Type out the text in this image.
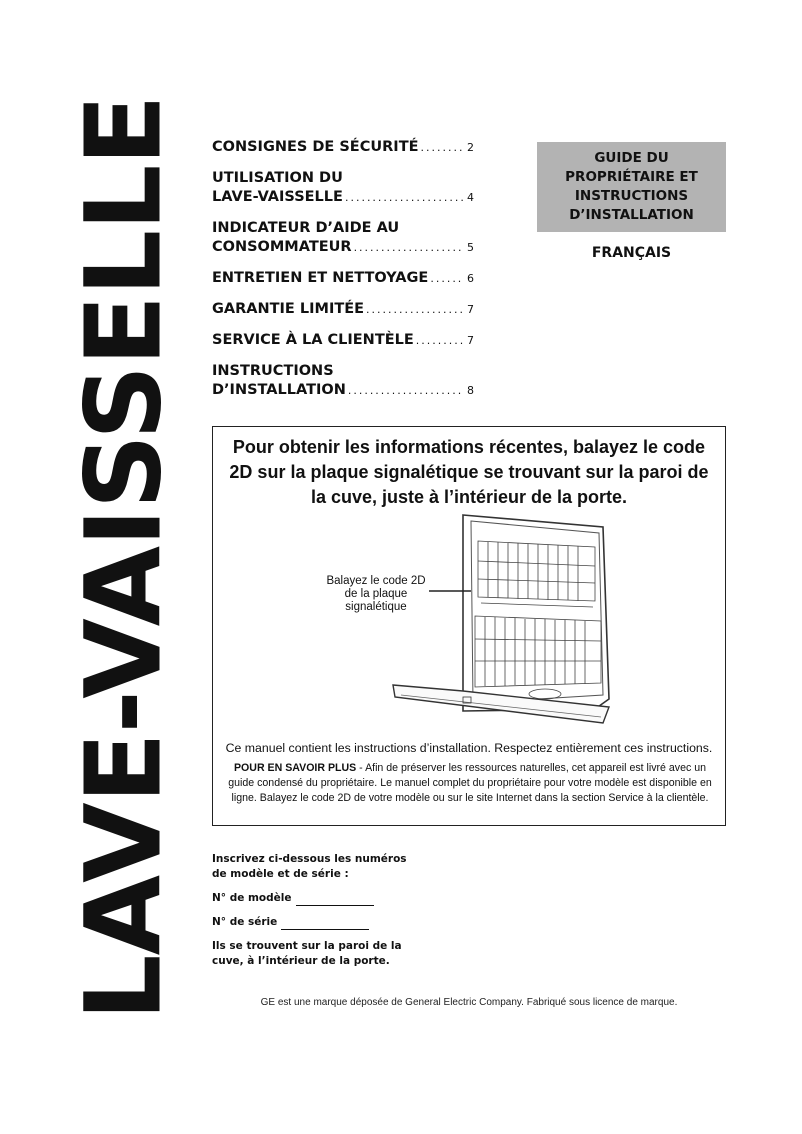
LAVE-VAISSELLE CONSIGNES DE SÉCURITÉ .....	2
UTILISATION DU
LAVE-VAISSELLE .....	4
INDICATEUR D’AIDE AU
CONSOMMATEUR .....	5
ENTRETIEN ET NETTOYAGE .....	6
GARANTIE LIMITÉE .....	7
SERVICE À LA CLIENTÈLE .....	7
INSTRUCTIONS
D’INSTALLATION .....	8
GUIDE DU
PROPRIÉTAIRE ET
INSTRUCTIONS
D’INSTALLATION
FRANÇAIS
Pour obtenir les informations récentes, balayez le code 2D sur la plaque signalétique se trouvant sur la paroi de la cuve, juste à l’intérieur de la porte.
Balayez le code 2D de la plaque signalétique
Ce manuel contient les instructions d’installation. Respectez entièrement ces instructions.
POUR EN SAVOIR PLUS - Afin de préserver les ressources naturelles, cet appareil est livré avec un guide condensé du propriétaire. Le manuel complet du propriétaire pour votre modèle est disponible en ligne. Balayez le code 2D de votre modèle ou sur le site Internet dans la section Service à la clientèle.

Inscrivez ci-dessous les numéros de modèle et de série :

N° de modèle

N° de série

Ils se trouvent sur la paroi de la cuve, à l’intérieur de la porte.

GE est une marque déposée de General Electric Company. Fabriqué sous licence de marque.
